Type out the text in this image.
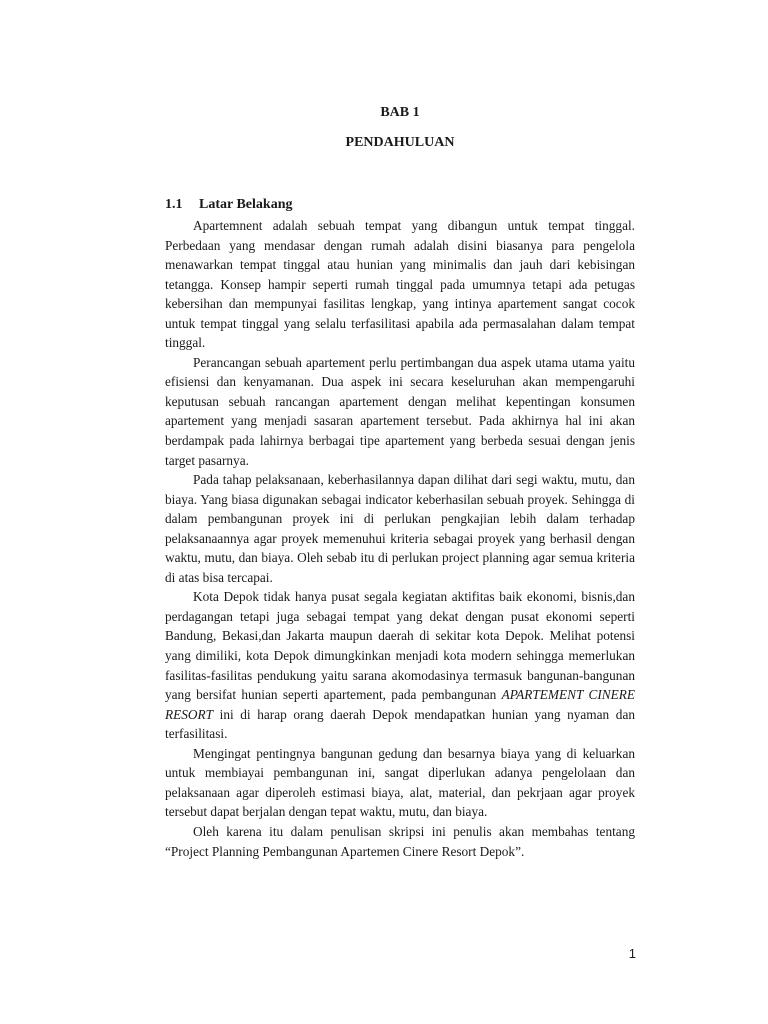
BAB 1
PENDAHULUAN
1.1 Latar Belakang

Apartemnent adalah sebuah tempat yang dibangun untuk tempat tinggal. Perbedaan yang mendasar dengan rumah adalah disini biasanya para pengelola menawarkan tempat tinggal atau hunian yang minimalis dan jauh dari kebisingan tetangga. Konsep hampir seperti rumah tinggal pada umumnya tetapi ada petugas kebersihan dan mempunyai fasilitas lengkap, yang intinya apartement sangat cocok untuk tempat tinggal yang selalu terfasilitasi apabila ada permasalahan dalam tempat tinggal.

Perancangan sebuah apartement perlu pertimbangan dua aspek utama utama yaitu efisiensi dan kenyamanan. Dua aspek ini secara keseluruhan akan mempengaruhi keputusan sebuah rancangan apartement dengan melihat kepentingan konsumen apartement yang menjadi sasaran apartement tersebut. Pada akhirnya hal ini akan berdampak pada lahirnya berbagai tipe apartement yang berbeda sesuai dengan jenis target pasarnya.

Pada tahap pelaksanaan, keberhasilannya dapan dilihat dari segi waktu, mutu, dan biaya. Yang biasa digunakan sebagai indicator keberhasilan sebuah proyek. Sehingga di dalam pembangunan proyek ini di perlukan pengkajian lebih dalam terhadap pelaksanaannya agar proyek memenuhui kriteria sebagai proyek yang berhasil dengan waktu, mutu, dan biaya. Oleh sebab itu di perlukan project planning agar semua kriteria di atas bisa tercapai.

Kota Depok tidak hanya pusat segala kegiatan aktifitas baik ekonomi, bisnis,dan perdagangan tetapi juga sebagai tempat yang dekat dengan pusat ekonomi seperti Bandung, Bekasi,dan Jakarta maupun daerah di sekitar kota Depok. Melihat potensi yang dimiliki, kota Depok dimungkinkan menjadi kota modern sehingga memerlukan fasilitas-fasilitas pendukung yaitu sarana akomodasinya termasuk bangunan-bangunan yang bersifat hunian seperti apartement, pada pembangunan APARTEMENT CINERE RESORT ini di harap orang daerah Depok mendapatkan hunian yang nyaman dan terfasilitasi.

Mengingat pentingnya bangunan gedung dan besarnya biaya yang di keluarkan untuk membiayai pembangunan ini, sangat diperlukan adanya pengelolaan dan pelaksanaan agar diperoleh estimasi biaya, alat, material, dan pekrjaan agar proyek tersebut dapat berjalan dengan tepat waktu, mutu, dan biaya.

Oleh karena itu dalam penulisan skripsi ini penulis akan membahas tentang “Project Planning Pembangunan Apartemen Cinere Resort Depok”.

1
